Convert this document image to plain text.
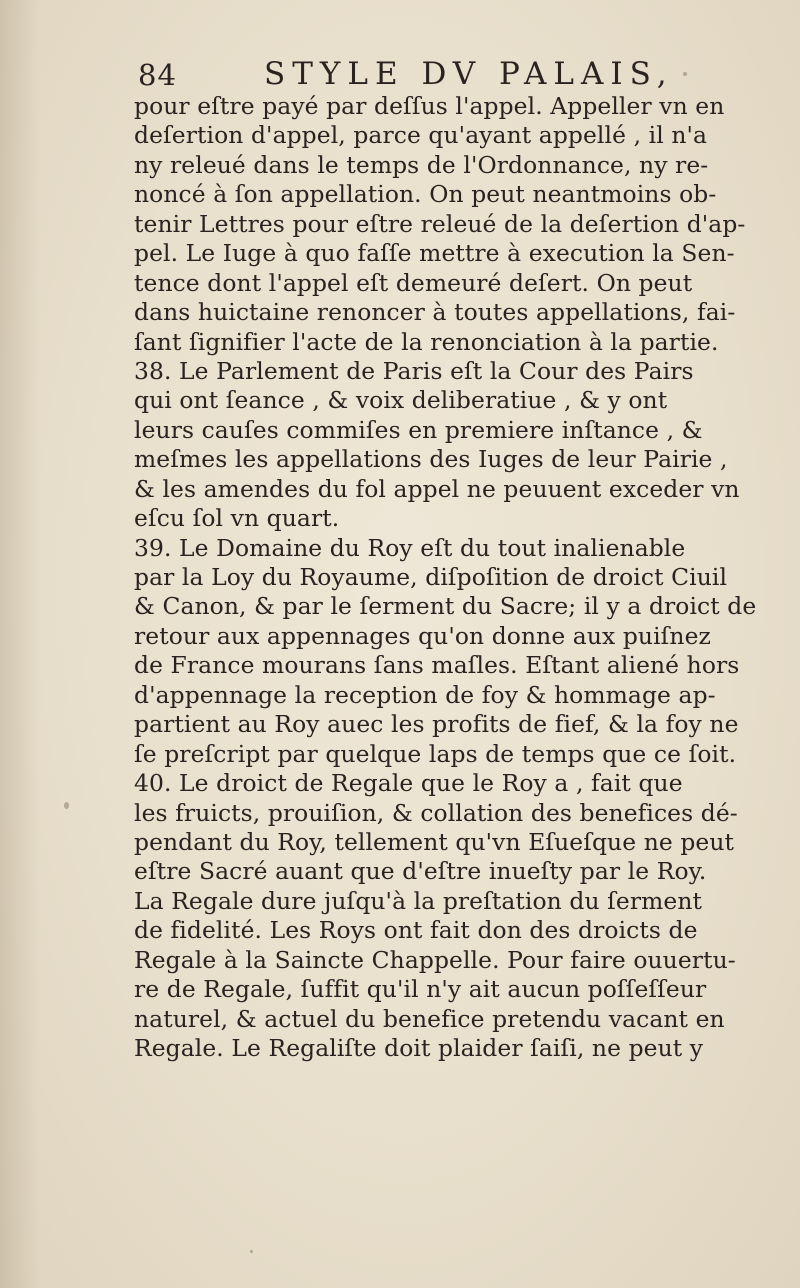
84	STYLE DV PALAIS,
pour eſtre payé par deſſus l'appel. Appeller vn en
deſertion d'appel, parce qu'ayant appellé , il n'a
ny releué dans le temps de l'Ordonnance, ny re-
noncé à ſon appellation. On peut neantmoins ob-
tenir Lettres pour eſtre releué de la deſertion d'ap-
pel. Le Iuge à quo faſſe mettre à execution la Sen-
tence dont l'appel eſt demeuré deſert. On peut
dans huictaine renoncer à toutes appellations, fai-
ſant ſignifier l'acte de la renonciation à la partie.
38. Le Parlement de Paris eſt la Cour des Pairs
qui ont ſeance , & voix deliberatiue , & y ont
leurs cauſes commiſes en premiere inſtance , &
meſmes les appellations des Iuges de leur Pairie ,
& les amendes du fol appel ne peuuent exceder vn
eſcu ſol vn quart.
39. Le Domaine du Roy eſt du tout inalienable
par la Loy du Royaume, diſpoſition de droict Ciuil
& Canon, & par le ſerment du Sacre; il y a droict de
retour aux appennages qu'on donne aux puiſnez
de France mourans ſans maſles. Eſtant aliené hors
d'appennage la reception de foy & hommage ap-
partient au Roy auec les profits de fief, & la foy ne
ſe preſcript par quelque laps de temps que ce ſoit.
40. Le droict de Regale que le Roy a , fait que
les fruicts, prouiſion, & collation des benefices dé-
pendant du Roy, tellement qu'vn Eſueſque ne peut
eſtre Sacré auant que d'eſtre inueſty par le Roy.
La Regale dure juſqu'à la preſtation du ſerment
de fidelité. Les Roys ont fait don des droicts de
Regale à la Saincte Chappelle. Pour faire ouuertu-
re de Regale, ſuffit qu'il n'y ait aucun poſſeſſeur
naturel, & actuel du benefice pretendu vacant en
Regale. Le Regaliſte doit plaider ſaiſi, ne peut y
